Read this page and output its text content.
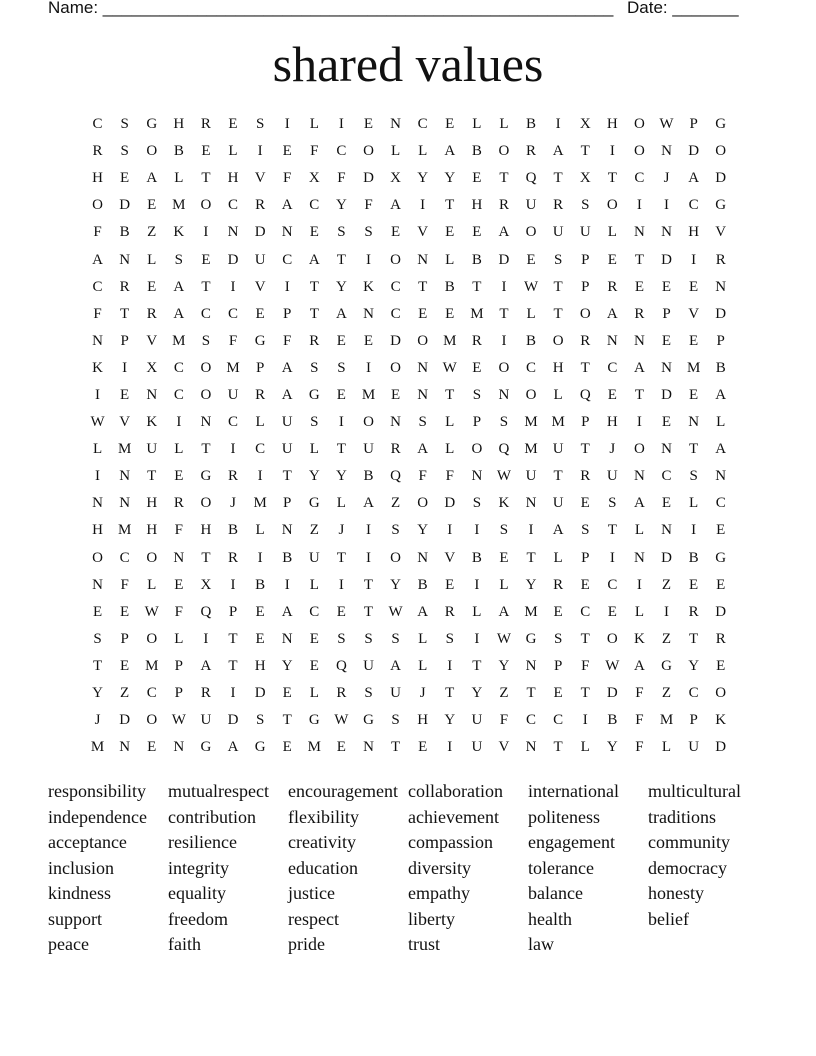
Name: ______________________________________________________ Date: _______
shared values
C	S	G	H	R	E	S	I	L	I	E	N	C	E	L	L	B	I	X	H	O W	P	G
R	S	O	B	E	L	I	E	F	C	O	L	L	A	B	O	R	A	T	I	O	N	D	O
H	E	A	L	T	H	V	F	X	F	D	X	Y	Y	E	T	Q	T	X	T	C	J	A	D
O	D	E	M	O	C	R	A	C	Y	F	A	I	T	H	R	U	R	S	O	I	I	C	G
F	B	Z	K	I	N	D	N	E	S	S	E	V	E	E	A	O	U	U	L	N	N	H	V
A	N	L	S	E	D	U	C	A	T	I	O	N	L	B	D	E	S	P	E	T	D	I	R
C	R	E	A	T	I	V	I	T	Y	K	C	T	B	T	I	W	T	P	R	E	E	E	N
F	T	R	A	C	C	E	P	T	A	N	C	E	E	M	T	L	T	O	A	R	P	V	D
N	P	V	M	S	F	G	F	R	E	E	D	O	M	R	I	B	O	R	N	N	E	E	P
K	I	X	C	O	M	P	A	S	S	I	O	N W	E	O	C	H	T	C	A	N	M	B
I	E	N	C	O	U	R	A	G	E	M	E	N	T	S	N	O	L	Q	E	T	D	E	A
W V	K	I	N	C	L	U	S	I	O	N	S	L	P	S	M M	P	H	I	E	N	L
L	M	U	L	T	I	C	U	L	T	U	R	A	L	O	Q	M	U	T	J	O	N	T	A
I	N	T	E	G	R	I	T	Y	Y	B	Q	F	F	N W U	T	R	U	N	C	S	N
N	N	H	R	O	J	M	P	G	L	A	Z	O	D	S	K	N	U	E	S	A	E	L	C
H	M	H	F	H	B	L	N	Z	J	I	S	Y	I	I	S	I	A	S	T	L	N	I	E
O	C	O	N	T	R	I	B	U	T	I	O	N	V	B	E	T	L	P	I	N	D	B	G
N	F	L	E	X	I	B	I	L	I	T	Y	B	E	I	L	Y	R	E	C	I	Z	E	E
E	E	W	F	Q	P	E	A	C	E	T	W A	R	L	A	M	E	C	E	L	I	R	D
S	P	O	L	I	T	E	N	E	S	S	S	L	S	I	W G	S	T	O	K	Z	T	R
T	E	M	P	A	T	H	Y	E	Q	U	A	L	I	T	Y	N	P	F	W A	G	Y	E
Y	Z	C	P	R	I	D	E	L	R	S	U	J	T	Y	Z	T	E	T	D	F	Z	C	O
J	D	O W U	D	S	T	G W G	S	H	Y	U	F	C	C	I	B	F	M	P	K
M	N	E	N	G	A	G	E	M	E	N	T	E	I	U	V	N	T	L	Y	F	L	U	D
responsibility	mutualrespect	encouragement collaboration	international	multicultural
independence	contribution	flexibility	achievement	politeness	traditions
acceptance	resilience	creativity	compassion	engagement	community
inclusion	integrity	education	diversity	tolerance	democracy
kindness	equality	justice	empathy	balance	honesty
support	freedom	respect	liberty	health	belief
peace	faith	pride	trust	law
